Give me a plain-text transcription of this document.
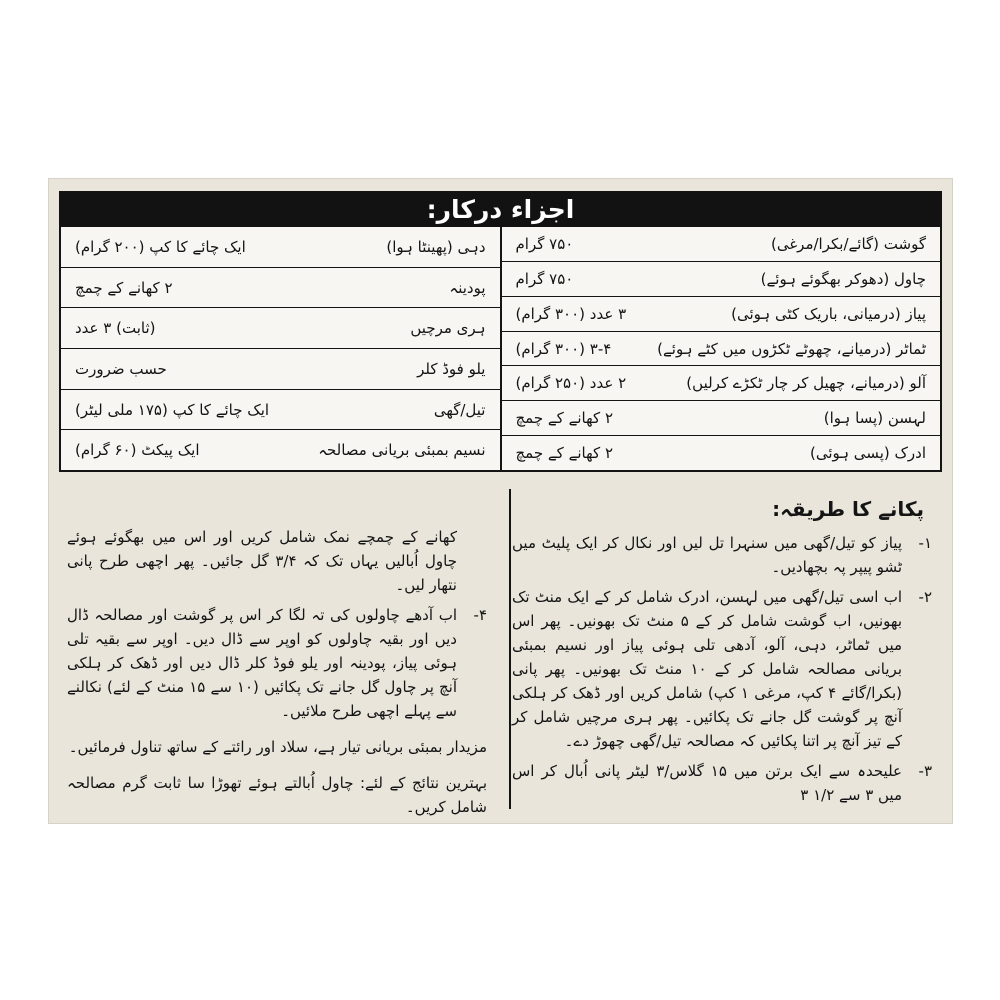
اجزاء درکار:
گوشت (گائے/بکرا/مرغی)
۷۵۰ گرام
چاول (دھوکر بھگوئے ہوئے)
۷۵۰ گرام
پیاز (درمیانی، باریک کٹی ہوئی)
۳ عدد (۳۰۰ گرام)
ٹماٹر (درمیانے، چھوٹے ٹکڑوں میں کٹے ہوئے)
۳-۴ (۳۰۰ گرام)
آلو (درمیانے، چھیل کر چار ٹکڑے کرلیں)
۲ عدد (۲۵۰ گرام)
لہسن (پسا ہوا)
۲ کھانے کے چمچ
ادرک (پسی ہوئی)
۲ کھانے کے چمچ
دہی (پھینٹا ہوا)
ایک چائے کا کپ (۲۰۰ گرام)
پودینہ
۲ کھانے کے چمچ
ہری مرچیں
(ثابت) ۳ عدد
یلو فوڈ کلر
حسب ضرورت
تیل/گھی
ایک چائے کا کپ (۱۷۵ ملی لیٹر)
نسیم بمبئی بریانی مصالحہ
ایک پیکٹ (۶۰ گرام)
پکانے کا طریقہ:
۱-
پیاز کو تیل/گھی میں سنہرا تل لیں اور نکال کر ایک پلیٹ میں ٹشو پیپر پہ بچھادیں۔
۲-
اب اسی تیل/گھی میں لہسن، ادرک شامل کر کے ایک منٹ تک بھونیں، اب گوشت شامل کر کے ۵ منٹ تک بھونیں۔ پھر اس میں ٹماٹر، دہی، آلو، آدھی تلی ہوئی پیاز اور نسیم بمبئی بریانی مصالحہ شامل کر کے ۱۰ منٹ تک بھونیں۔ پھر پانی (بکرا/گائے ۴ کپ، مرغی ۱ کپ) شامل کریں اور ڈھک کر ہلکی آنچ پر گوشت گل جانے تک پکائیں۔ پھر ہری مرچیں شامل کر کے تیز آنچ پر اتنا پکائیں کہ مصالحہ تیل/گھی چھوڑ دے۔
۳-
علیحدہ سے ایک برتن میں ۱۵ گلاس/۳ لیٹر پانی اُبال کر اس میں ۳ سے ۱/۲ ۳
کھانے کے چمچے نمک شامل کریں اور اس میں بھگوئے ہوئے چاول اُبالیں یہاں تک کہ ۳/۴ گل جائیں۔ پھر اچھی طرح پانی نتھار لیں۔
۴-
اب آدھے چاولوں کی تہ لگا کر اس پر گوشت اور مصالحہ ڈال دیں اور بقیہ چاولوں کو اوپر سے ڈال دیں۔ اوپر سے بقیہ تلی ہوئی پیاز، پودینہ اور یلو فوڈ کلر ڈال دیں اور ڈھک کر ہلکی آنچ پر چاول گل جانے تک پکائیں (۱۰ سے ۱۵ منٹ کے لئے) نکالنے سے پہلے اچھی طرح ملائیں۔
مزیدار بمبئی بریانی تیار ہے، سلاد اور رائتے کے ساتھ تناول فرمائیں۔
بہترین نتائج کے لئے: چاول اُبالتے ہوئے تھوڑا سا ثابت گرم مصالحہ شامل کریں۔
